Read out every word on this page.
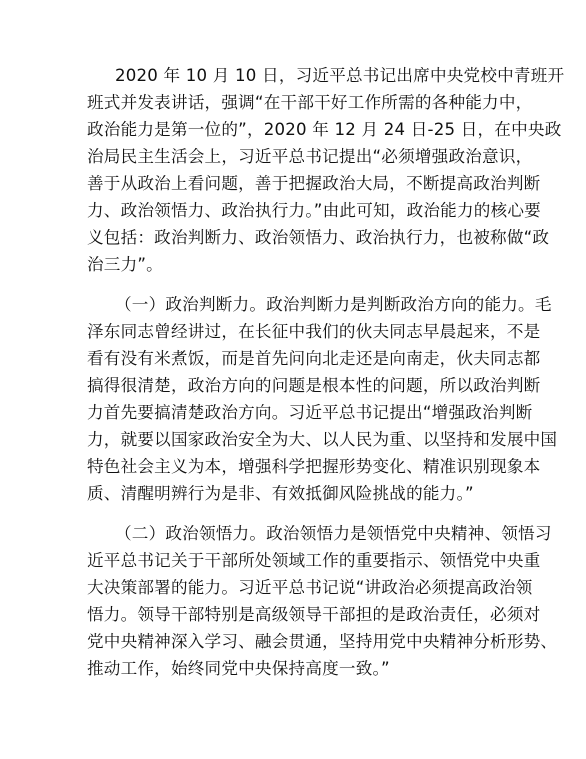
2020 年 10 月 10 日，习近平总书记出席中央党校中青班开
班式并发表讲话，强调“在干部干好工作所需的各种能力中，
政治能力是第一位的”，2020 年 12 月 24 日-25 日，在中央政
治局民主生活会上，习近平总书记提出“必须增强政治意识，
善于从政治上看问题，善于把握政治大局，不断提高政治判断
力、政治领悟力、政治执行力。”由此可知，政治能力的核心要
义包括：政治判断力、政治领悟力、政治执行力，也被称做“政
治三力”。

（一）政治判断力。政治判断力是判断政治方向的能力。毛
泽东同志曾经讲过，在长征中我们的伙夫同志早晨起来，不是
看有没有米煮饭，而是首先问向北走还是向南走，伙夫同志都
搞得很清楚，政治方向的问题是根本性的问题，所以政治判断
力首先要搞清楚政治方向。习近平总书记提出“增强政治判断
力，就要以国家政治安全为大、以人民为重、以坚持和发展中国
特色社会主义为本，增强科学把握形势变化、精准识别现象本
质、清醒明辨行为是非、有效抵御风险挑战的能力。”

（二）政治领悟力。政治领悟力是领悟党中央精神、领悟习
近平总书记关于干部所处领域工作的重要指示、领悟党中央重
大决策部署的能力。习近平总书记说“讲政治必须提高政治领
悟力。领导干部特别是高级领导干部担的是政治责任，必须对
党中央精神深入学习、融会贯通，坚持用党中央精神分析形势、
推动工作，始终同党中央保持高度一致。”
